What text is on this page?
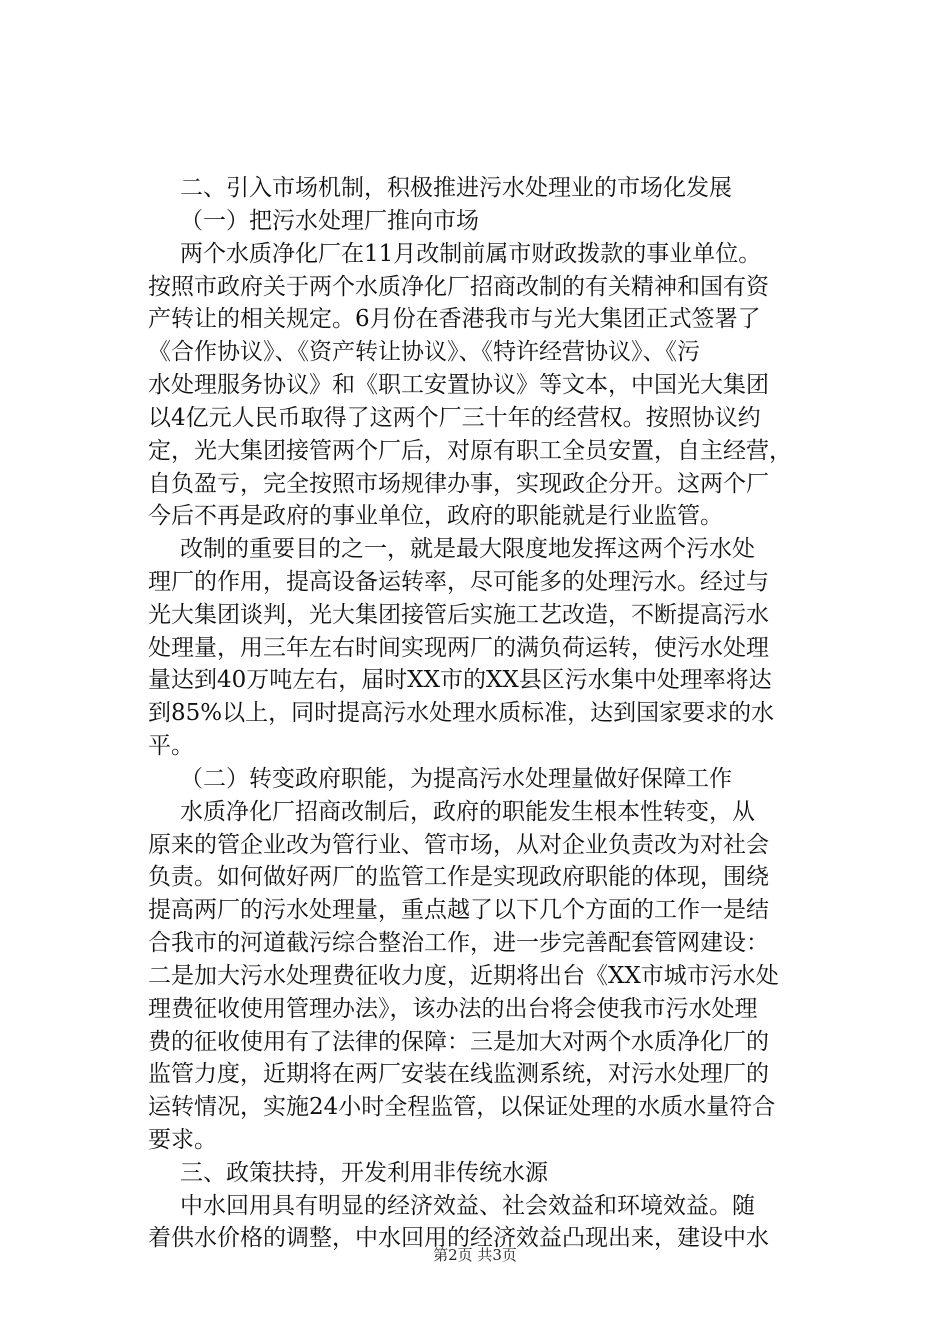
二、引入市场机制，积极推进污水处理业的市场化发展
（一）把污水处理厂推向市场
两个水质净化厂在11月改制前属市财政拨款的事业单位。
按照市政府关于两个水质净化厂招商改制的有关精神和国有资
产转让的相关规定。6月份在香港我市与光大集团正式签署了
《合作协议》、《资产转让协议》、《特许经营协议》、《污
水处理服务协议》和《职工安置协议》等文本，中国光大集团
以4亿元人民币取得了这两个厂三十年的经营权。按照协议约
定，光大集团接管两个厂后，对原有职工全员安置，自主经营，
自负盈亏，完全按照市场规律办事，实现政企分开。这两个厂
今后不再是政府的事业单位，政府的职能就是行业监管。
改制的重要目的之一，就是最大限度地发挥这两个污水处
理厂的作用，提高设备运转率，尽可能多的处理污水。经过与
光大集团谈判，光大集团接管后实施工艺改造，不断提高污水
处理量，用三年左右时间实现两厂的满负荷运转，使污水处理
量达到40万吨左右，届时XX市的XX县区污水集中处理率将达
到85%以上，同时提高污水处理水质标准，达到国家要求的水
平。
（二）转变政府职能，为提高污水处理量做好保障工作
水质净化厂招商改制后，政府的职能发生根本性转变，从
原来的管企业改为管行业、管市场，从对企业负责改为对社会
负责。如何做好两厂的监管工作是实现政府职能的体现，围绕
提高两厂的污水处理量，重点越了以下几个方面的工作一是结
合我市的河道截污综合整治工作，进一步完善配套管网建设：
二是加大污水处理费征收力度，近期将出台《XX市城市污水处
理费征收使用管理办法》，该办法的出台将会使我市污水处理
费的征收使用有了法律的保障：三是加大对两个水质净化厂的
监管力度，近期将在两厂安装在线监测系统，对污水处理厂的
运转情况，实施24小时全程监管，以保证处理的水质水量符合
要求。
三、政策扶持，开发利用非传统水源
中水回用具有明显的经济效益、社会效益和环境效益。随
着供水价格的调整，中水回用的经济效益凸现出来，建设中水
第2页 共3页
